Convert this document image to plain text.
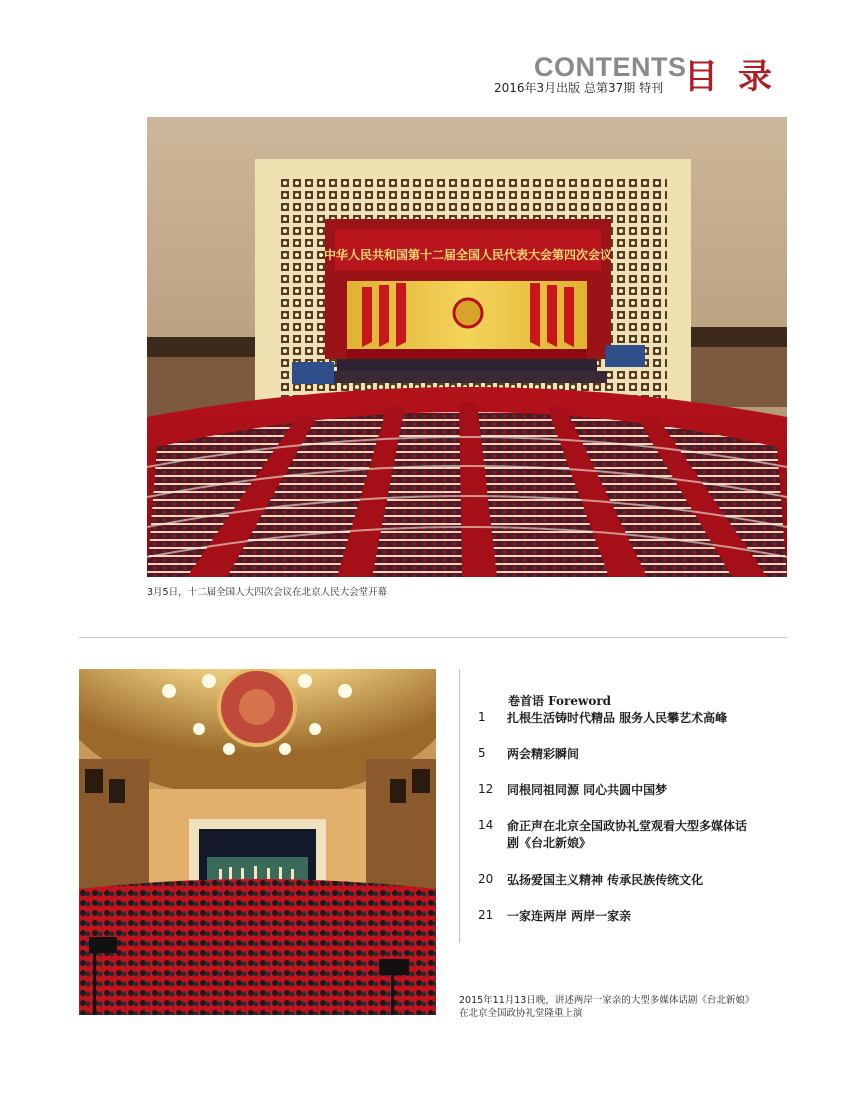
CONTENTS
2016年3月出版 总第37期 特刊 目录
中华人民共和国第十二届全国人民代表大会第四次会议
3月5日，十二届全国人大四次会议在北京人民大会堂开幕
卷首语 Foreword
1	扎根生活铸时代精品 服务人民攀艺术高峰
5	两会精彩瞬间
12	同根同祖同源 同心共圆中国梦
14	俞正声在北京全国政协礼堂观看大型多媒体话剧《台北新娘》
20	弘扬爱国主义精神 传承民族传统文化
21	一家连两岸 两岸一家亲
2015年11月13日晚，讲述两岸一家亲的大型多媒体话剧《台北新娘》
在北京全国政协礼堂隆重上演
